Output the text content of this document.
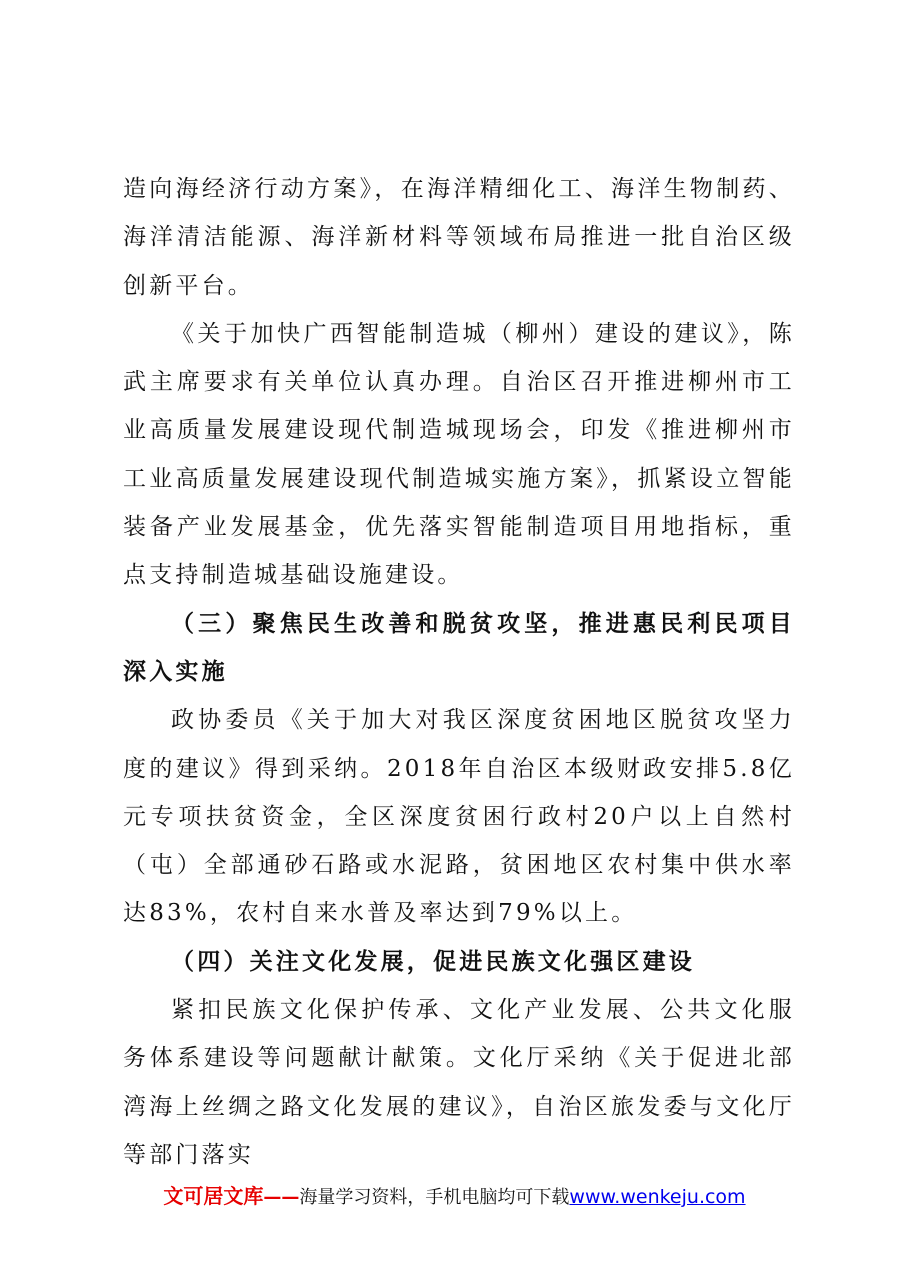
造向海经济行动方案》，在海洋精细化工、海洋生物制药、海洋清洁能源、海洋新材料等领域布局推进一批自治区级创新平台。

《关于加快广西智能制造城（柳州）建设的建议》，陈武主席要求有关单位认真办理。自治区召开推进柳州市工业高质量发展建设现代制造城现场会，印发《推进柳州市工业高质量发展建设现代制造城实施方案》，抓紧设立智能装备产业发展基金，优先落实智能制造项目用地指标，重点支持制造城基础设施建设。

（三）聚焦民生改善和脱贫攻坚，推进惠民利民项目深入实施

政协委员《关于加大对我区深度贫困地区脱贫攻坚力度的建议》得到采纳。2018年自治区本级财政安排5.8亿元专项扶贫资金，全区深度贫困行政村20户以上自然村（屯）全部通砂石路或水泥路，贫困地区农村集中供水率达83%，农村自来水普及率达到79%以上。

（四）关注文化发展，促进民族文化强区建设

紧扣民族文化保护传承、文化产业发展、公共文化服务体系建设等问题献计献策。文化厅采纳《关于促进北部湾海上丝绸之路文化发展的建议》，自治区旅发委与文化厅等部门落实

文可居文库——海量学习资料，手机电脑均可下载www.wenkeju.com
